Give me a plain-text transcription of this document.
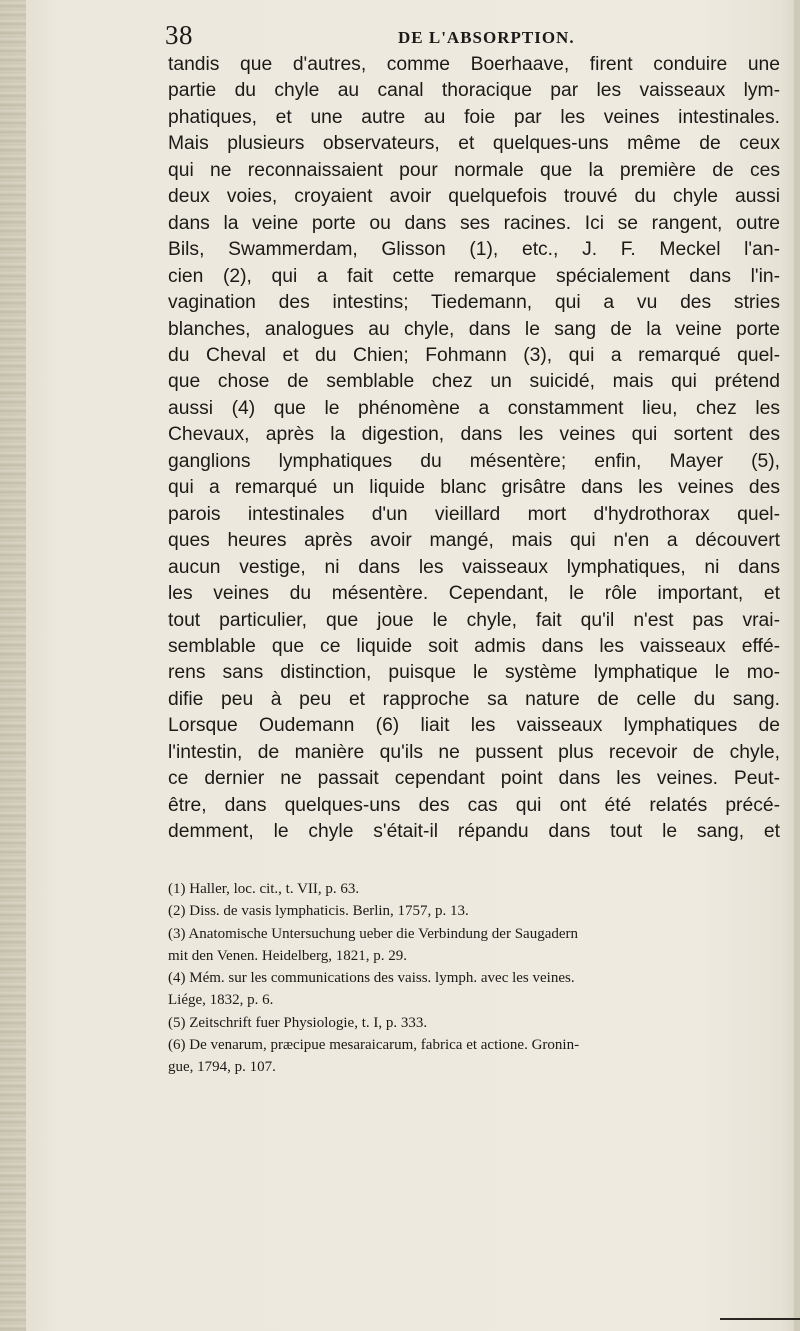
38	DE L'ABSORPTION.
tandis que d'autres, comme Boerhaave, firent conduire une
partie du chyle au canal thoracique par les vaisseaux lym-
phatiques, et une autre au foie par les veines intestinales.
Mais plusieurs observateurs, et quelques-uns même de ceux
qui ne reconnaissaient pour normale que la première de ces
deux voies, croyaient avoir quelquefois trouvé du chyle aussi
dans la veine porte ou dans ses racines. Ici se rangent, outre
Bils, Swammerdam, Glisson (1), etc., J. F. Meckel l'an-
cien (2), qui a fait cette remarque spécialement dans l'in-
vagination des intestins; Tiedemann, qui a vu des stries
blanches, analogues au chyle, dans le sang de la veine porte
du Cheval et du Chien; Fohmann (3), qui a remarqué quel-
que chose de semblable chez un suicidé, mais qui prétend
aussi (4) que le phénomène a constamment lieu, chez les
Chevaux, après la digestion, dans les veines qui sortent des
ganglions lymphatiques du mésentère; enfin, Mayer (5),
qui a remarqué un liquide blanc grisâtre dans les veines des
parois intestinales d'un vieillard mort d'hydrothorax quel-
ques heures après avoir mangé, mais qui n'en a découvert
aucun vestige, ni dans les vaisseaux lymphatiques, ni dans
les veines du mésentère. Cependant, le rôle important, et
tout particulier, que joue le chyle, fait qu'il n'est pas vrai-
semblable que ce liquide soit admis dans les vaisseaux effé-
rens sans distinction, puisque le système lymphatique le mo-
difie peu à peu et rapproche sa nature de celle du sang.
Lorsque Oudemann (6) liait les vaisseaux lymphatiques de
l'intestin, de manière qu'ils ne pussent plus recevoir de chyle,
ce dernier ne passait cependant point dans les veines. Peut-
être, dans quelques-uns des cas qui ont été relatés précé-
demment, le chyle s'était-il répandu dans tout le sang, et
(1) Haller, loc. cit., t. VII, p. 63.
(2) Diss. de vasis lymphaticis. Berlin, 1757, p. 13.
(3) Anatomische Untersuchung ueber die Verbindung der Saugadern
mit den Venen. Heidelberg, 1821, p. 29.
(4) Mém. sur les communications des vaiss. lymph. avec les veines.
Liége, 1832, p. 6.
(5) Zeitschrift fuer Physiologie, t. I, p. 333.
(6) De venarum, præcipue mesaraicarum, fabrica et actione. Gronin-
gue, 1794, p. 107.
